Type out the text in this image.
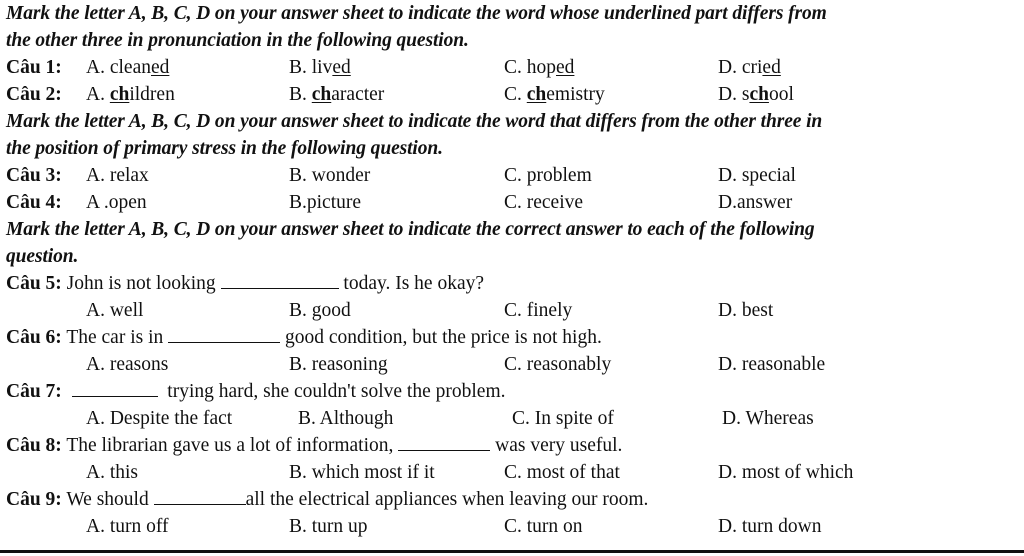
Mark the letter A, B, C, D on your answer sheet to indicate the word whose underlined part differs from
the other three in pronunciation in the following question.
Câu 1: A. cleaned	B. lived	C. hoped	D. cried
Câu 2: A. children	B. character	C. chemistry	D. school
Mark the letter A, B, C, D on your answer sheet to indicate the word that differs from the other three in
the position of primary stress in the following question.
Câu 3: A. relax	B. wonder	C. problem	D. special
Câu 4: A .open	B.picture	C. receive	D.answer
Mark the letter A, B, C, D on your answer sheet to indicate the correct answer to each of the following
question.
Câu 5: John is not looking	today. Is he okay?
A. well	B. good	C. finely	D. best
Câu 6: The car is in	good condition, but the price is not high.
A. reasons	B. reasoning	C. reasonably	D. reasonable
Câu 7:	trying hard, she couldn't solve the problem.
A. Despite the fact	B. Although	C. In spite of	D. Whereas
Câu 8: The librarian gave us a lot of information,	was very useful.
A. this	B. which most if it	C. most of that	D. most of which
Câu 9: We should	all the electrical appliances when leaving our room.
A. turn off	B. turn up	C. turn on	D. turn down
